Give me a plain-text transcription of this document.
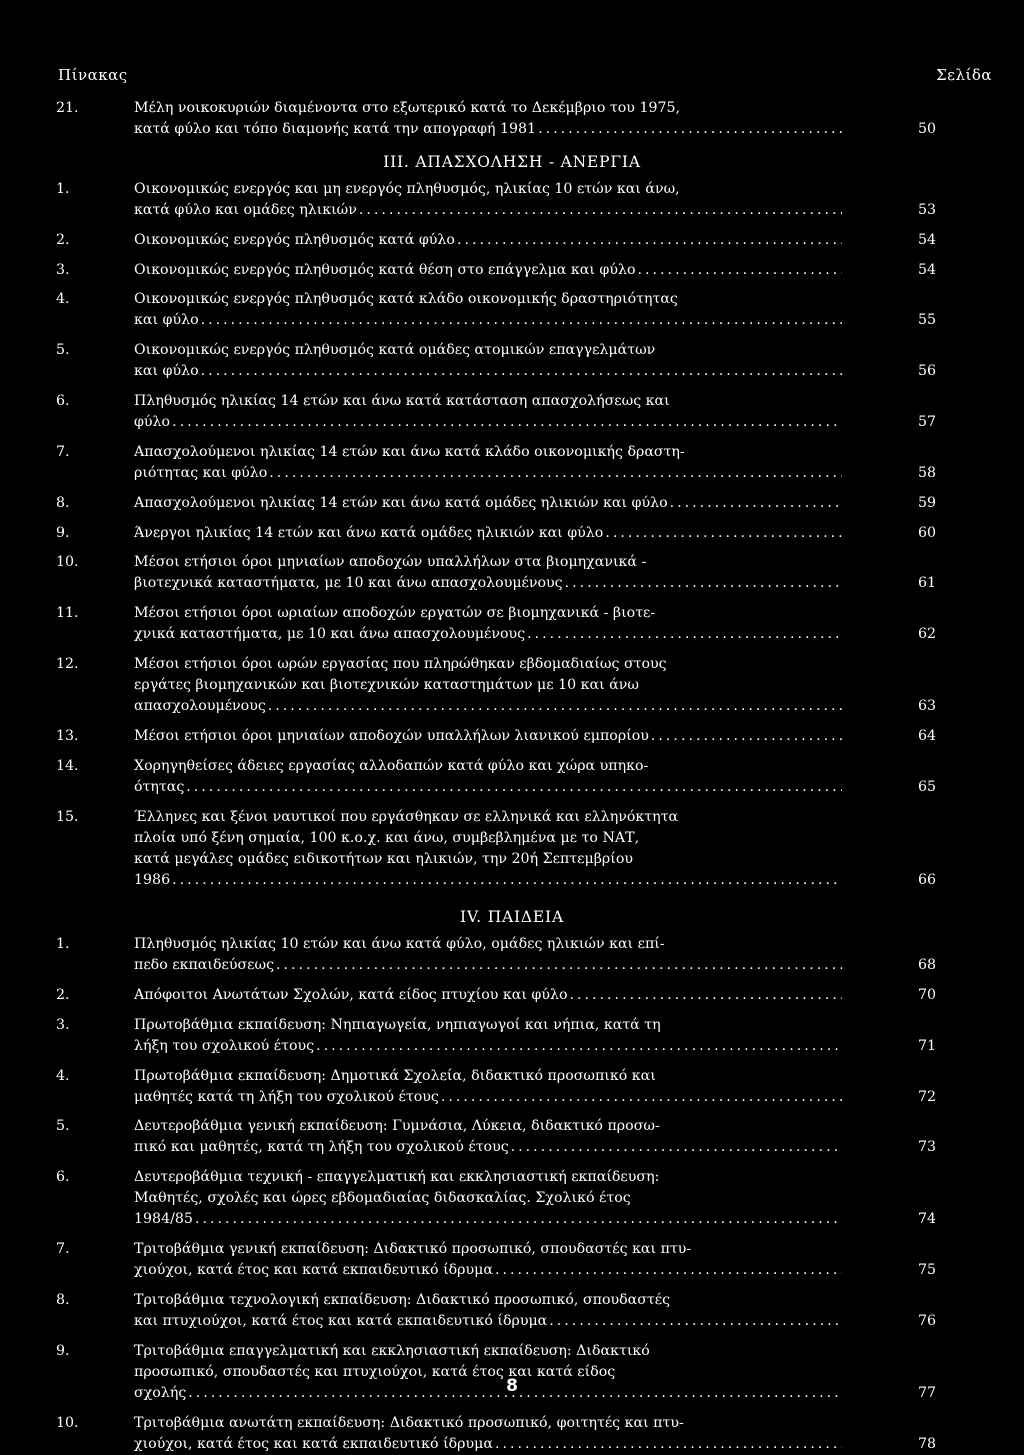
Πίνακας	Σελίδα
21.	Μέλη νοικοκυριών διαμένοντα στο εξωτερικό κατά το Δεκέμβριο του 1975,
κατά φύλο και τόπο διαμονής κατά την απογραφή 1981 .....	50
III. ΑΠΑΣΧΟΛΗΣΗ - ΑΝΕΡΓΙΑ
1.	Οικονομικώς ενεργός και μη ενεργός πληθυσμός, ηλικίας 10 ετών και άνω,
κατά φύλο και ομάδες ηλικιών .....	53
2.	Οικονομικώς ενεργός πληθυσμός κατά φύλο .....	54
3.	Οικονομικώς ενεργός πληθυσμός κατά θέση στο επάγγελμα και φύλο .....	54
4.	Οικονομικώς ενεργός πληθυσμός κατά κλάδο οικονομικής δραστηριότητας
και φύλο .....	55
5.	Οικονομικώς ενεργός πληθυσμός κατά ομάδες ατομικών επαγγελμάτων
και φύλο .....	56
6.	Πληθυσμός ηλικίας 14 ετών και άνω κατά κατάσταση απασχολήσεως και
φύλο .....	57
7.	Απασχολούμενοι ηλικίας 14 ετών και άνω κατά κλάδο οικονομικής δραστη-
ριότητας και φύλο .....	58
8.	Απασχολούμενοι ηλικίας 14 ετών και άνω κατά ομάδες ηλικιών και φύλο .....	59
9.	Άνεργοι ηλικίας 14 ετών και άνω κατά ομάδες ηλικιών και φύλο .....	60
10.	Μέσοι ετήσιοι όροι μηνιαίων αποδοχών υπαλλήλων στα βιομηχανικά -
βιοτεχνικά καταστήματα, με 10 και άνω απασχολουμένους .....	61
11.	Μέσοι ετήσιοι όροι ωριαίων αποδοχών εργατών σε βιομηχανικά - βιοτε-
χνικά καταστήματα, με 10 και άνω απασχολουμένους .....	62
12.	Μέσοι ετήσιοι όροι ωρών εργασίας που πληρώθηκαν εβδομαδιαίως στους
εργάτες βιομηχανικών και βιοτεχνικών καταστημάτων με 10 και άνω
απασχολουμένους .....	63
13.	Μέσοι ετήσιοι όροι μηνιαίων αποδοχών υπαλλήλων λιανικού εμπορίου .....	64
14.	Χορηγηθείσες άδειες εργασίας αλλοδαπών κατά φύλο και χώρα υπηκο-
ότητας .....	65
15.	Έλληνες και ξένοι ναυτικοί που εργάσθηκαν σε ελληνικά και ελληνόκτητα
πλοία υπό ξένη σημαία, 100 κ.ο.χ. και άνω, συμβεβλημένα με το ΝΑΤ,
κατά μεγάλες ομάδες ειδικοτήτων και ηλικιών, την 20ή Σεπτεμβρίου
1986 .....	66
IV. ΠΑΙΔΕΙΑ
1.	Πληθυσμός ηλικίας 10 ετών και άνω κατά φύλο, ομάδες ηλικιών και επί-
πεδο εκπαιδεύσεως .....	68
2.	Απόφοιτοι Ανωτάτων Σχολών, κατά είδος πτυχίου και φύλο .....	70
3.	Πρωτοβάθμια εκπαίδευση: Νηπιαγωγεία, νηπιαγωγοί και νήπια, κατά τη
λήξη του σχολικού έτους .....	71
4.	Πρωτοβάθμια εκπαίδευση: Δημοτικά Σχολεία, διδακτικό προσωπικό και
μαθητές κατά τη λήξη του σχολικού έτους .....	72
5.	Δευτεροβάθμια γενική εκπαίδευση: Γυμνάσια, Λύκεια, διδακτικό προσω-
πικό και μαθητές, κατά τη λήξη του σχολικού έτους .....	73
6.	Δευτεροβάθμια τεχνική - επαγγελματική και εκκλησιαστική εκπαίδευση:
Μαθητές, σχολές και ώρες εβδομαδιαίας διδασκαλίας. Σχολικό έτος
1984/85 .....	74
7.	Τριτοβάθμια γενική εκπαίδευση: Διδακτικό προσωπικό, σπουδαστές και πτυ-
χιούχοι, κατά έτος και κατά εκπαιδευτικό ίδρυμα .....	75
8.	Τριτοβάθμια τεχνολογική εκπαίδευση: Διδακτικό προσωπικό, σπουδαστές
και πτυχιούχοι, κατά έτος και κατά εκπαιδευτικό ίδρυμα .....	76
9.	Τριτοβάθμια επαγγελματική και εκκλησιαστική εκπαίδευση: Διδακτικό
προσωπικό, σπουδαστές και πτυχιούχοι, κατά έτος και κατά είδος
σχολής .....	77
10.	Τριτοβάθμια ανωτάτη εκπαίδευση: Διδακτικό προσωπικό, φοιτητές και πτυ-
χιούχοι, κατά έτος και κατά εκπαιδευτικό ίδρυμα .....	78
8
